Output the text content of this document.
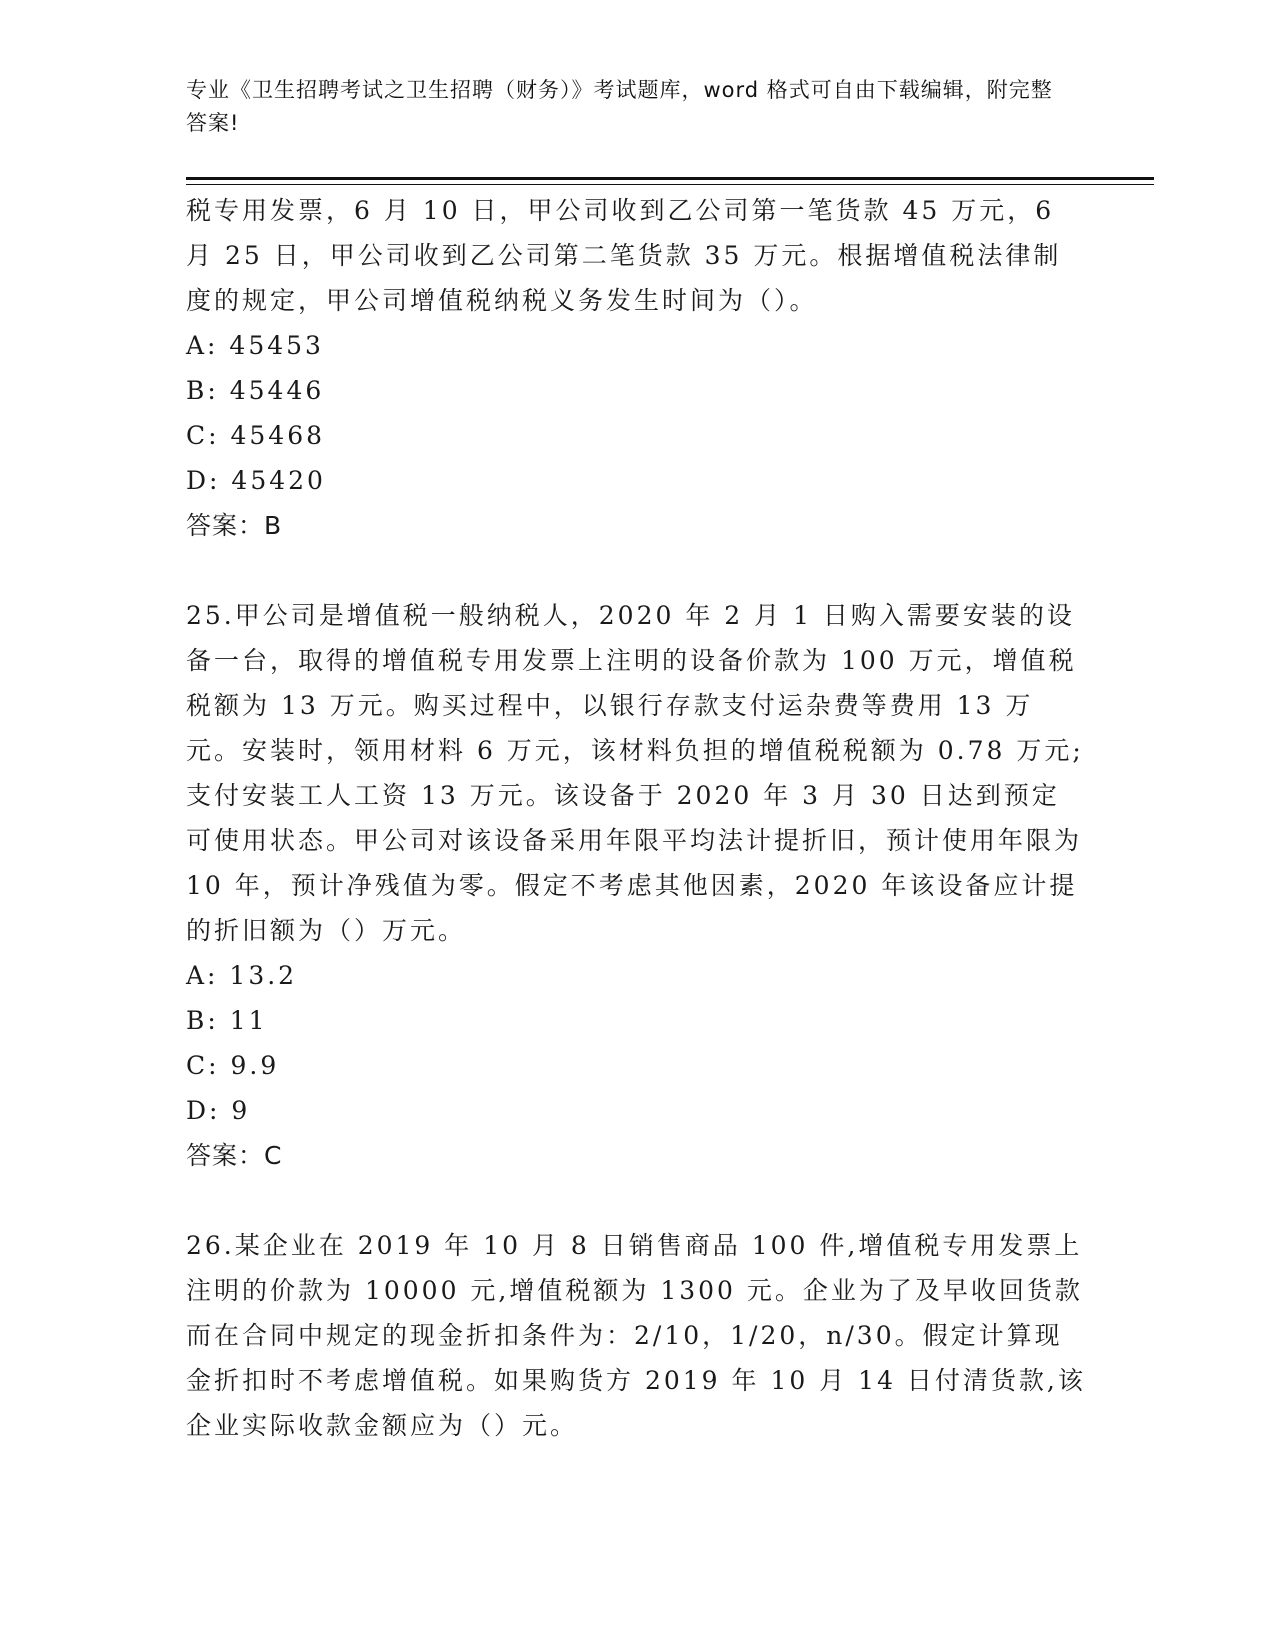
专业《卫生招聘考试之卫生招聘（财务）》考试题库，word 格式可自由下载编辑，附完整答案!

税专用发票，6 月 10 日，甲公司收到乙公司第一笔货款 45 万元，6 月 25 日，甲公司收到乙公司第二笔货款 35 万元。根据增值税法律制度的规定，甲公司增值税纳税义务发生时间为（）。

A: 45453

B: 45446

C: 45468

D: 45420

答案：B

25.甲公司是增值税一般纳税人，2020 年 2 月 1 日购入需要安装的设备一台，取得的增值税专用发票上注明的设备价款为 100 万元，增值税税额为 13 万元。购买过程中，以银行存款支付运杂费等费用 13 万元。安装时，领用材料 6 万元，该材料负担的增值税税额为 0.78 万元;支付安装工人工资 13 万元。该设备于 2020 年 3 月 30 日达到预定可使用状态。甲公司对该设备采用年限平均法计提折旧，预计使用年限为 10 年，预计净残值为零。假定不考虑其他因素，2020 年该设备应计提的折旧额为（）万元。

A: 13.2

B: 11

C: 9.9

D: 9

答案：C

26.某企业在 2019 年 10 月 8 日销售商品 100 件,增值税专用发票上注明的价款为 10000 元,增值税额为 1300 元。企业为了及早收回货款而在合同中规定的现金折扣条件为：2/10，1/20，n/30。假定计算现金折扣时不考虑增值税。如果购货方 2019 年 10 月 14 日付清货款,该企业实际收款金额应为（）元。
